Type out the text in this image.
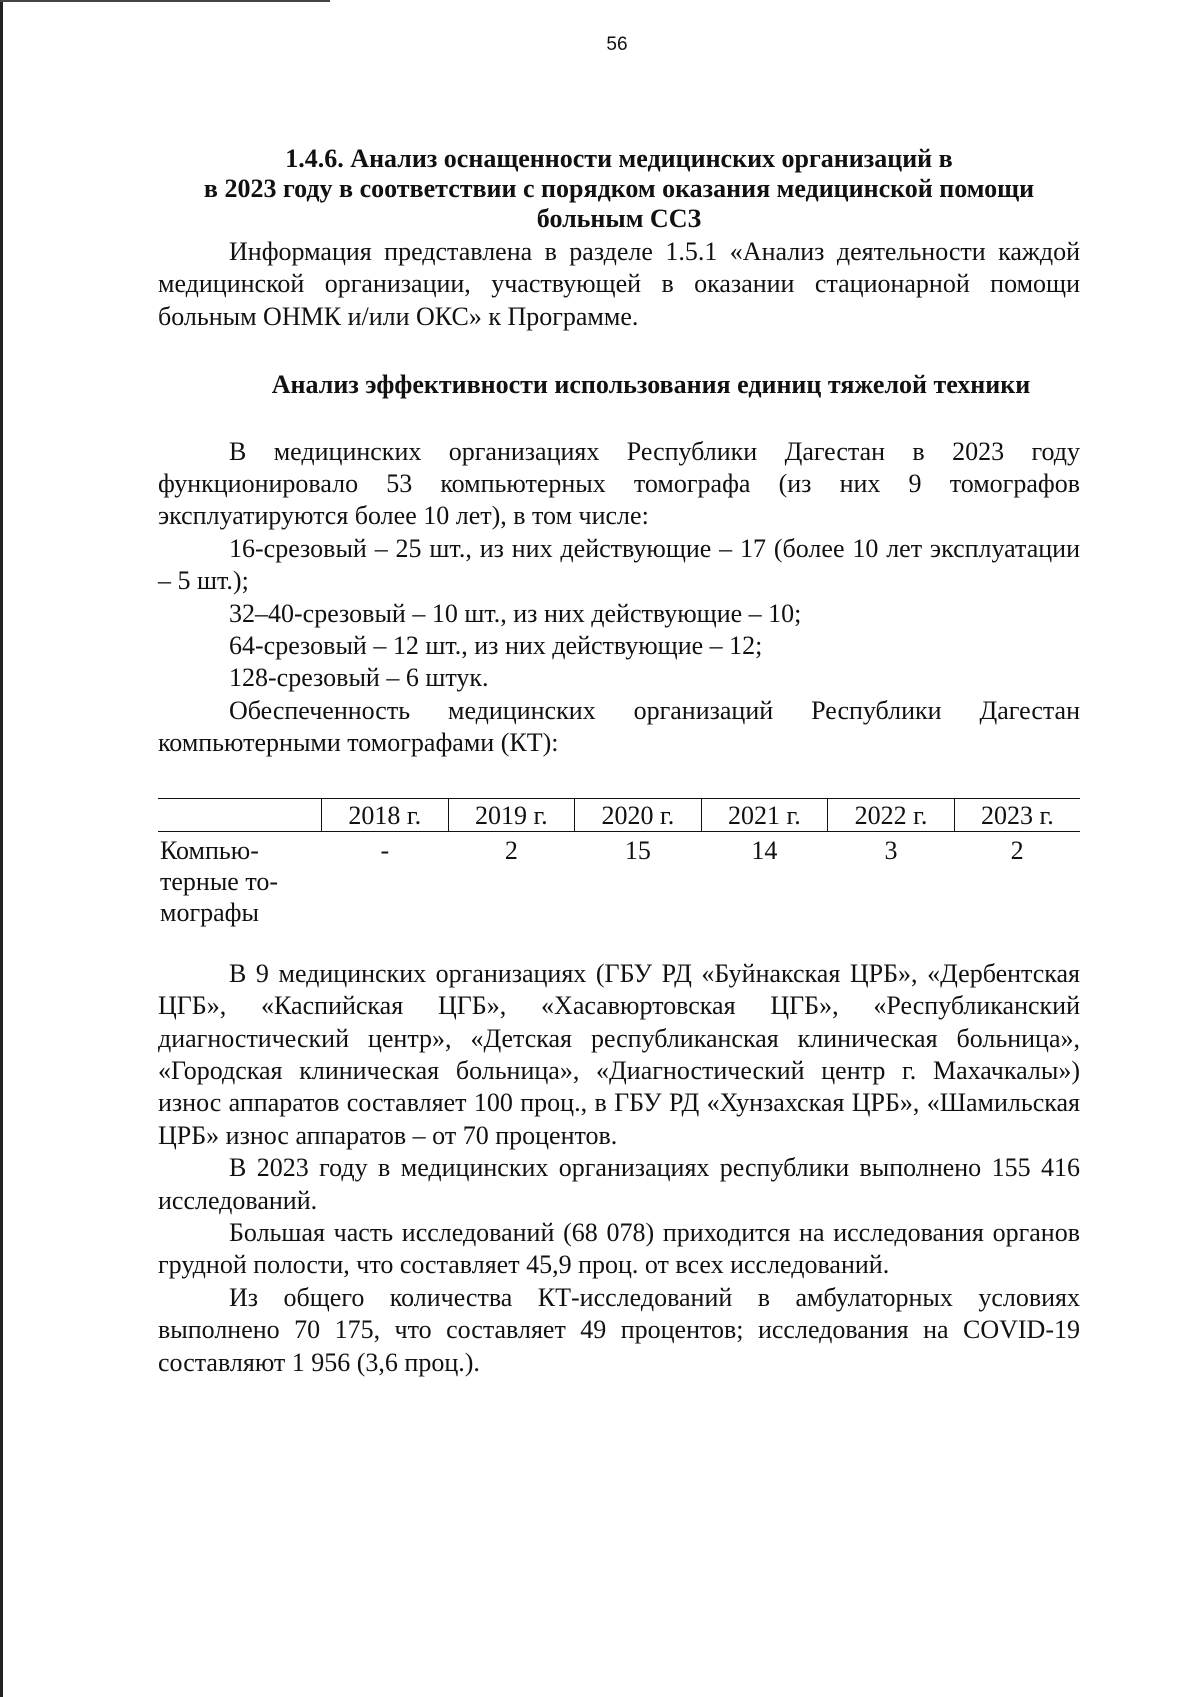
56
1.4.6. Анализ оснащенности медицинских организаций в
в 2023 году в соответствии с порядком оказания медицинской помощи
больным ССЗ

Информация представлена в разделе 1.5.1 «Анализ деятельности каждой медицинской организации, участвующей в оказании стационарной помощи больным ОНМК и/или ОКС» к Программе.

Анализ эффективности использования единиц тяжелой техники

В медицинских организациях Республики Дагестан в 2023 году функционировало 53 компьютерных томографа (из них 9 томографов эксплуатируются более 10 лет), в том числе:

16-срезовый – 25 шт., из них действующие – 17 (более 10 лет эксплуатации – 5 шт.);

32–40-срезовый – 10 шт., из них действующие – 10;

64-срезовый – 12 шт., из них действующие – 12;

128-срезовый – 6 штук.

Обеспеченность медицинских организаций Республики Дагестан компьютерными томографами (КТ):

	2018 г.	2019 г.	2020 г.	2021 г.	2022 г.	2023 г.

Компью-терные то-мографы	-	2	15	14	3	2

В 9 медицинских организациях (ГБУ РД «Буйнакская ЦРБ», «Дербентская ЦГБ», «Каспийская ЦГБ», «Хасавюртовская ЦГБ», «Республиканский диагностический центр», «Детская республиканская клиническая больница», «Городская клиническая больница», «Диагностический центр г. Махачкалы») износ аппаратов составляет 100 проц., в ГБУ РД «Хунзахская ЦРБ», «Шамильская ЦРБ» износ аппаратов – от 70 процентов.

В 2023 году в медицинских организациях республики выполнено 155 416 исследований.

Большая часть исследований (68 078) приходится на исследования органов грудной полости, что составляет 45,9 проц. от всех исследований.

Из общего количества КТ-исследований в амбулаторных условиях выполнено 70 175, что составляет 49 процентов; исследования на COVID-19 составляют 1 956 (3,6 проц.).
